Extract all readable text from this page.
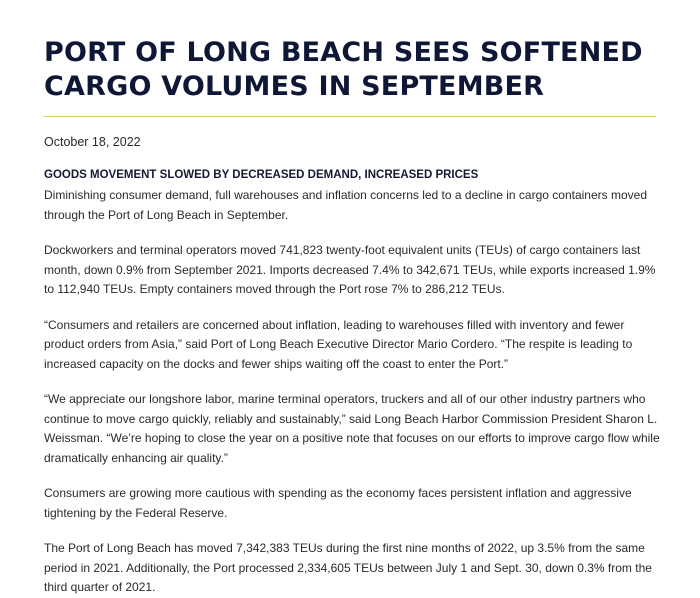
PORT OF LONG BEACH SEES SOFTENED CARGO VOLUMES IN SEPTEMBER
October 18, 2022
GOODS MOVEMENT SLOWED BY DECREASED DEMAND, INCREASED PRICES

Diminishing consumer demand, full warehouses and inflation concerns led to a decline in cargo containers moved through the Port of Long Beach in September.

Dockworkers and terminal operators moved 741,823 twenty-foot equivalent units (TEUs) of cargo containers last month, down 0.9% from September 2021. Imports decreased 7.4% to 342,671 TEUs, while exports increased 1.9% to 112,940 TEUs. Empty containers moved through the Port rose 7% to 286,212 TEUs.

“Consumers and retailers are concerned about inflation, leading to warehouses filled with inventory and fewer product orders from Asia,” said Port of Long Beach Executive Director Mario Cordero. “The respite is leading to increased capacity on the docks and fewer ships waiting off the coast to enter the Port.”

“We appreciate our longshore labor, marine terminal operators, truckers and all of our other industry partners who continue to move cargo quickly, reliably and sustainably,” said Long Beach Harbor Commission President Sharon L. Weissman. “We’re hoping to close the year on a positive note that focuses on our efforts to improve cargo flow while dramatically enhancing air quality.”

Consumers are growing more cautious with spending as the economy faces persistent inflation and aggressive tightening by the Federal Reserve.

The Port of Long Beach has moved 7,342,383 TEUs during the first nine months of 2022, up 3.5% from the same period in 2021. Additionally, the Port processed 2,334,605 TEUs between July 1 and Sept. 30, down 0.3% from the third quarter of 2021.
